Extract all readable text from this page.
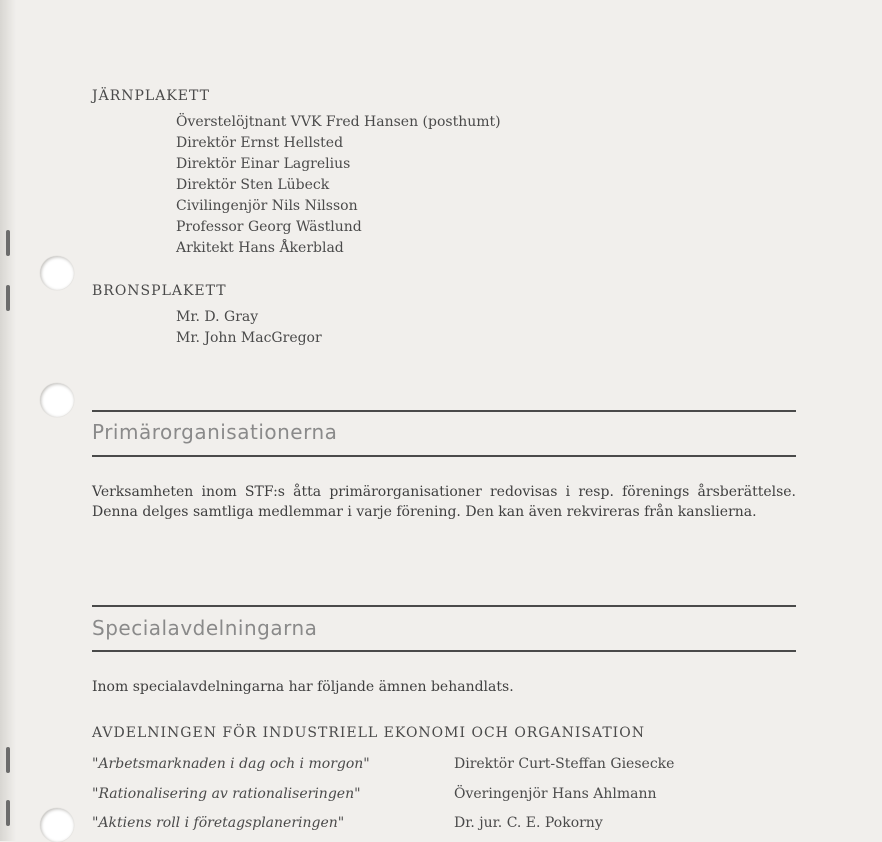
JÄRNPLAKETT
Överstelöjtnant VVK Fred Hansen (posthumt)
Direktör Ernst Hellsted
Direktör Einar Lagrelius
Direktör Sten Lübeck
Civilingenjör Nils Nilsson
Professor Georg Wästlund
Arkitekt Hans Åkerblad
BRONSPLAKETT
Mr. D. Gray
Mr. John MacGregor
Primärorganisationerna

Verksamheten inom STF:s åtta primärorganisationer redovisas i resp. förenings årsberättelse. Denna delges samtliga medlemmar i varje förening. Den kan även rekvireras från kanslierna.

Specialavdelningarna

Inom specialavdelningarna har följande ämnen behandlats.

AVDELNINGEN FÖR INDUSTRIELL EKONOMI OCH ORGANISATION
"Arbetsmarknaden i dag och i morgon"	Direktör Curt-Steffan Giesecke
"Rationalisering av rationaliseringen"	Överingenjör Hans Ahlmann
"Aktiens roll i företagsplaneringen"	Dr. jur. C. E. Pokorny
